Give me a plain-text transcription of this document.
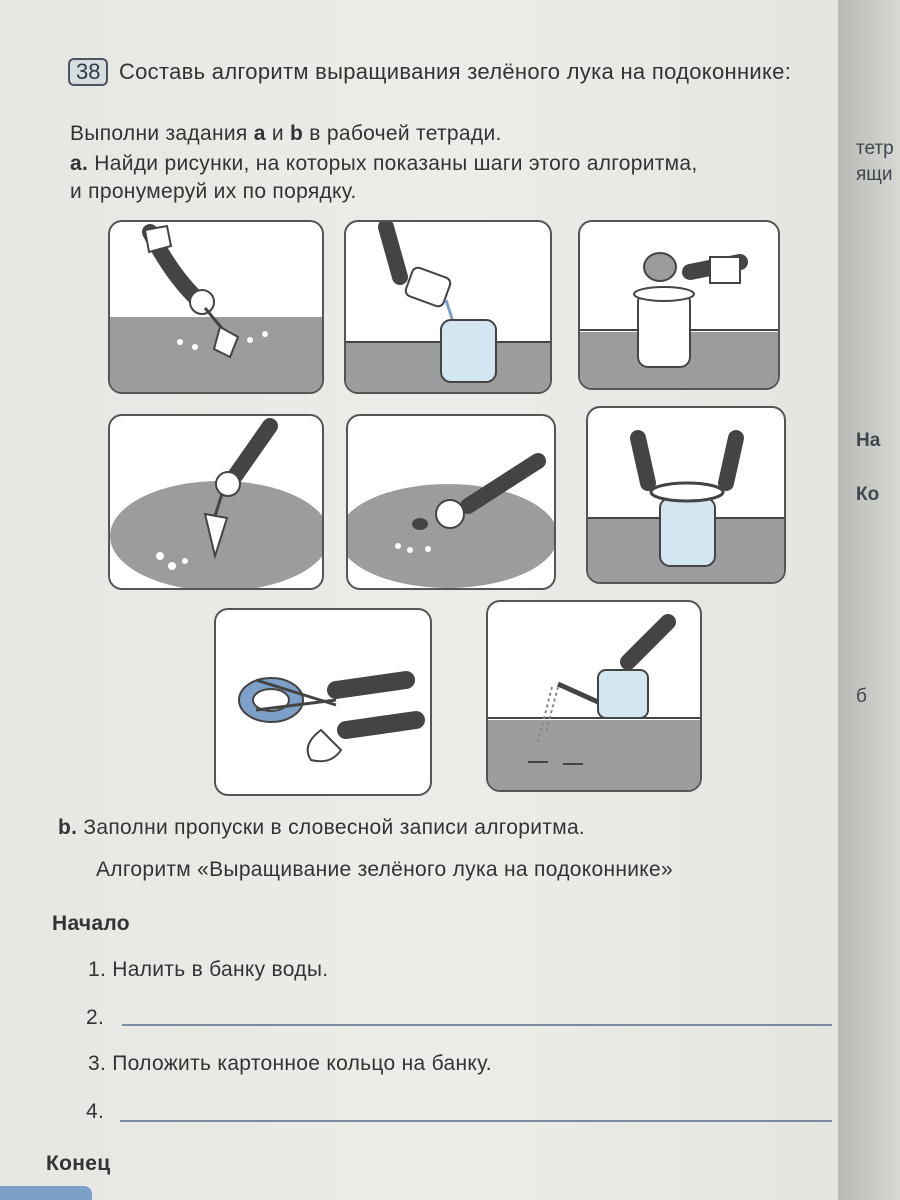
38 Составь алгоритм выращивания зелёного лука на подоконнике:
Выполни задания a и b в рабочей тетради.
a. Найди рисунки, на которых показаны шаги этого алгоритма,
и пронумеруй их по порядку.
b. Заполни пропуски в словесной записи алгоритма.
Алгоритм «Выращивание зелёного лука на подоконнике»
Начало
1. Налить в банку воды.
2.
3. Положить картонное кольцо на банку.
4.
Конец
тетр
ящи
На
Ко
б
